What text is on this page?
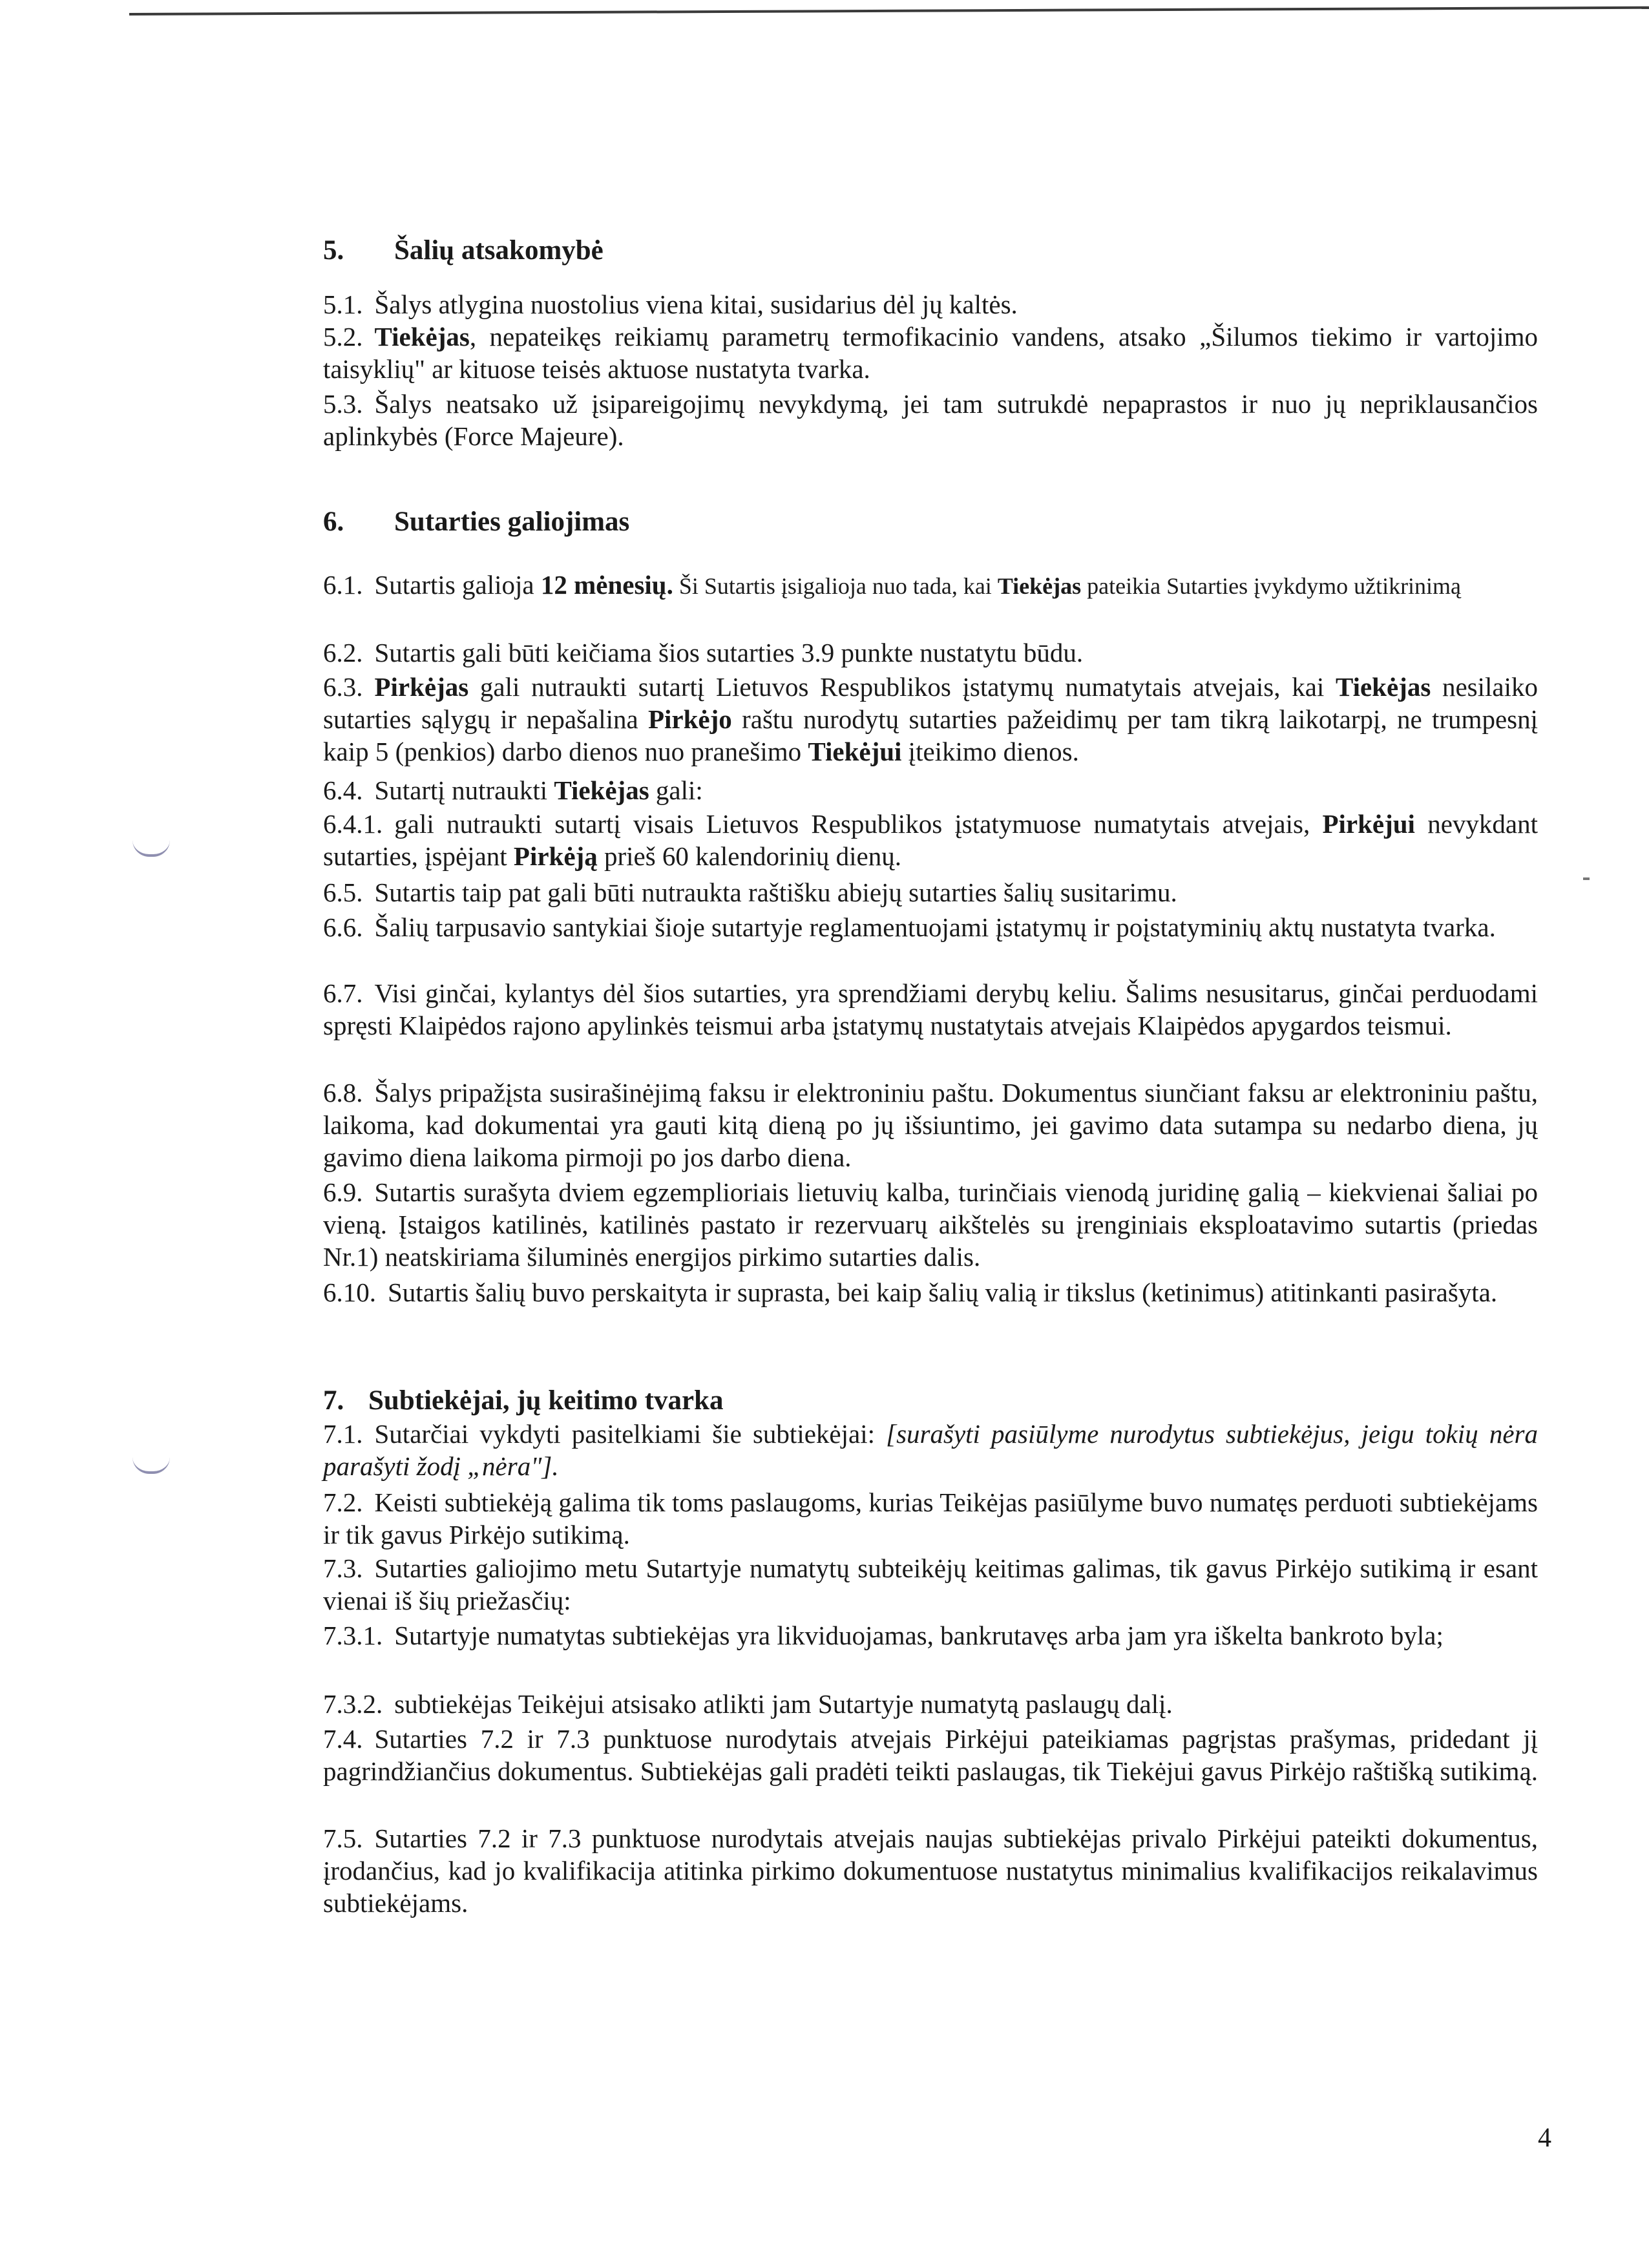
5. Šalių atsakomybė
5.1. Šalys atlygina nuostolius viena kitai, susidarius dėl jų kaltės.
5.2. Tiekėjas, nepateikęs reikiamų parametrų termofikacinio vandens, atsako „Šilumos tiekimo ir vartojimo taisyklių" ar kituose teisės aktuose nustatyta tvarka.
5.3. Šalys neatsako už įsipareigojimų nevykdymą, jei tam sutrukdė nepaprastos ir nuo jų nepriklausančios aplinkybės (Force Majeure).
6. Sutarties galiojimas
6.1. Sutartis galioja 12 mėnesių. Ši Sutartis įsigalioja nuo tada, kai Tiekėjas pateikia Sutarties įvykdymo užtikrinimą
6.2. Sutartis gali būti keičiama šios sutarties 3.9 punkte nustatytu būdu.
6.3. Pirkėjas gali nutraukti sutartį Lietuvos Respublikos įstatymų numatytais atvejais, kai Tiekėjas nesilaiko sutarties sąlygų ir nepašalina Pirkėjo raštu nurodytų sutarties pažeidimų per tam tikrą laikotarpį, ne trumpesnį kaip 5 (penkios) darbo dienos nuo pranešimo Tiekėjui įteikimo dienos.
6.4. Sutartį nutraukti Tiekėjas gali:
6.4.1. gali nutraukti sutartį visais Lietuvos Respublikos įstatymuose numatytais atvejais, Pirkėjui nevykdant sutarties, įspėjant Pirkėją prieš 60 kalendorinių dienų.
6.5. Sutartis taip pat gali būti nutraukta raštišku abiejų sutarties šalių susitarimu.
6.6. Šalių tarpusavio santykiai šioje sutartyje reglamentuojami įstatymų ir poįstatyminių aktų nustatyta tvarka.
6.7. Visi ginčai, kylantys dėl šios sutarties, yra sprendžiami derybų keliu. Šalims nesusitarus, ginčai perduodami spręsti Klaipėdos rajono apylinkės teismui arba įstatymų nustatytais atvejais Klaipėdos apygardos teismui.
6.8. Šalys pripažįsta susirašinėjimą faksu ir elektroniniu paštu. Dokumentus siunčiant faksu ar elektroniniu paštu, laikoma, kad dokumentai yra gauti kitą dieną po jų išsiuntimo, jei gavimo data sutampa su nedarbo diena, jų gavimo diena laikoma pirmoji po jos darbo diena.
6.9. Sutartis surašyta dviem egzemplioriais lietuvių kalba, turinčiais vienodą juridinę galią – kiekvienai šaliai po vieną. Įstaigos katilinės, katilinės pastato ir rezervuarų aikštelės su įrenginiais eksploatavimo sutartis (priedas Nr.1) neatskiriama šiluminės energijos pirkimo sutarties dalis.
6.10. Sutartis šalių buvo perskaityta ir suprasta, bei kaip šalių valią ir tikslus (ketinimus) atitinkanti pasirašyta.
7. Subtiekėjai, jų keitimo tvarka
7.1. Sutarčiai vykdyti pasitelkiami šie subtiekėjai: [surašyti pasiūlyme nurodytus subtiekėjus, jeigu tokių nėra parašyti žodį „nėra"].
7.2. Keisti subtiekėją galima tik toms paslaugoms, kurias Teikėjas pasiūlyme buvo numatęs perduoti subtiekėjams ir tik gavus Pirkėjo sutikimą.
7.3. Sutarties galiojimo metu Sutartyje numatytų subteikėjų keitimas galimas, tik gavus Pirkėjo sutikimą ir esant vienai iš šių priežasčių:
7.3.1. Sutartyje numatytas subtiekėjas yra likviduojamas, bankrutavęs arba jam yra iškelta bankroto byla;
7.3.2. subtiekėjas Teikėjui atsisako atlikti jam Sutartyje numatytą paslaugų dalį.
7.4. Sutarties 7.2 ir 7.3 punktuose nurodytais atvejais Pirkėjui pateikiamas pagrįstas prašymas, pridedant jį pagrindžiančius dokumentus. Subtiekėjas gali pradėti teikti paslaugas, tik Tiekėjui gavus Pirkėjo raštišką sutikimą.
7.5. Sutarties 7.2 ir 7.3 punktuose nurodytais atvejais naujas subtiekėjas privalo Pirkėjui pateikti dokumentus, įrodančius, kad jo kvalifikacija atitinka pirkimo dokumentuose nustatytus minimalius kvalifikacijos reikalavimus subtiekėjams.
4
